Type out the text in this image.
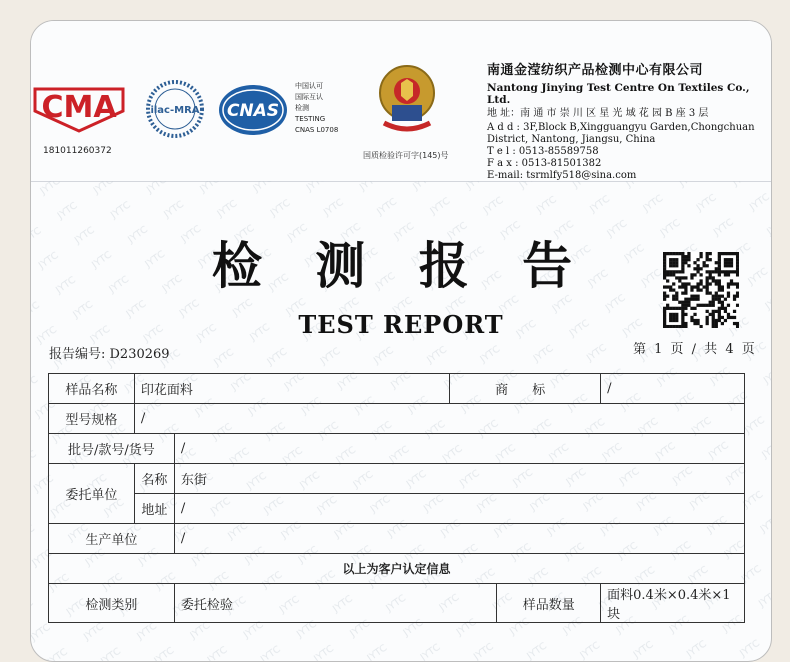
CMA
181011260372
ilac-MRA CNAS
中国认可
国际互认
检测
TESTING
CNAS L0708
国质检验许可字(145)号
南通金滢纺织产品检测中心有限公司
Nantong Jinying Test Centre On Textiles Co., Ltd.
地 址：南 通 市 崇 川 区 星 光 域 花 园 B 座 3 层
A d d : 3F,Block B,Xingguangyu Garden,Chongchuan
District, Nantong, Jiangsu, China
T e l : 0513-85589758
F a x : 0513-81501382
E-mail: tsrmlfy518@sina.com
检 测 报 告
TEST REPORT
报告编号: D230269	第 1 页 / 共 4 页
样品名称	印花面料		商 标		/
型号规格	/				
批号/款号/货号		/			
委托单位	名称	东街			
	地址	/			
生产单位		/			
以上为客户认定信息					
检测类别		委托检验		样品数量	面料0.4米×0.4米×1块
